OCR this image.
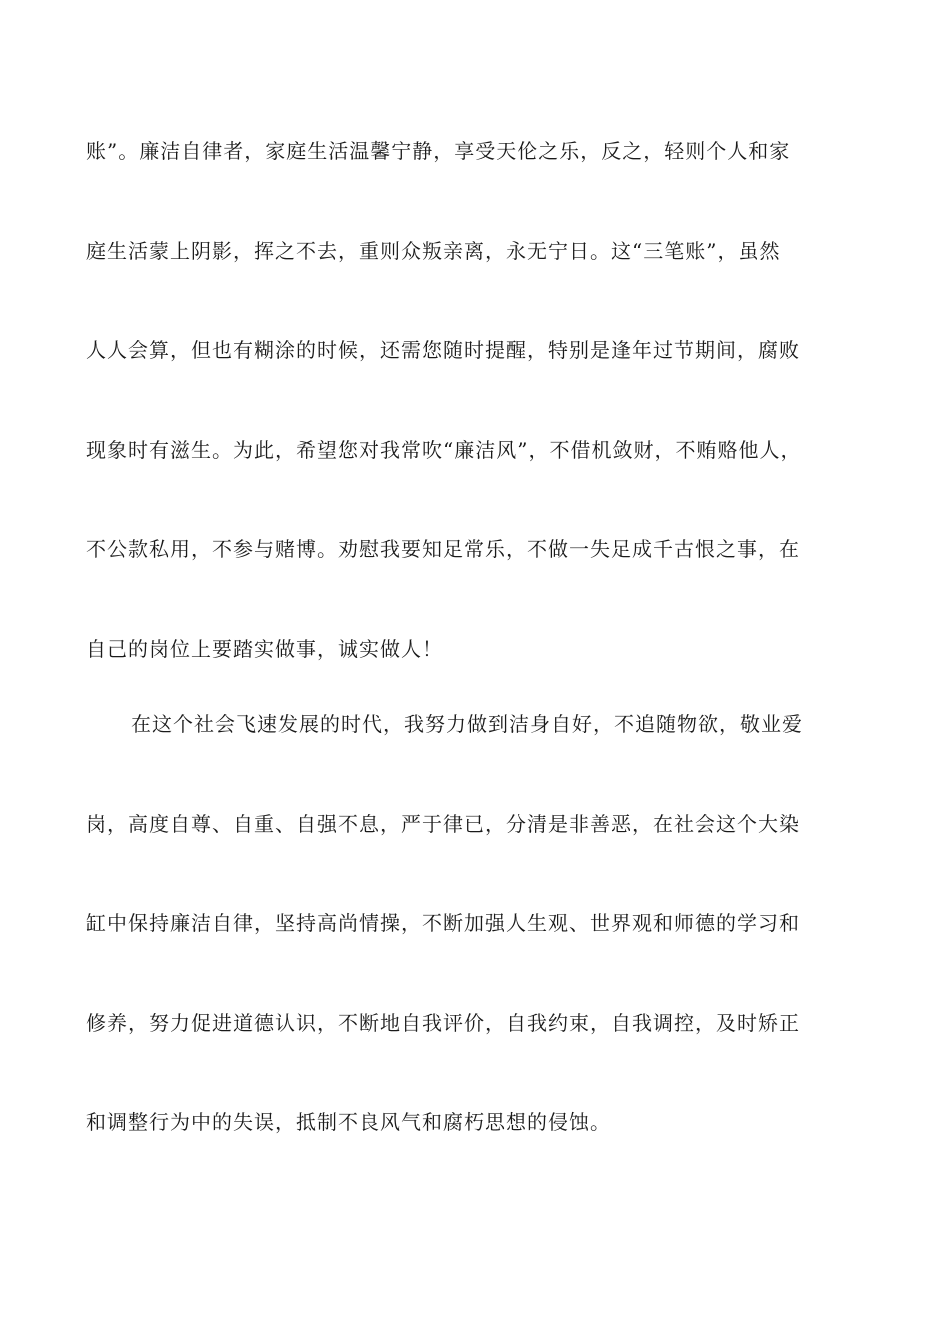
账”。廉洁自律者，家庭生活温馨宁静，享受天伦之乐，反之，轻则个人和家

庭生活蒙上阴影，挥之不去，重则众叛亲离，永无宁日。这“三笔账”，虽然

人人会算，但也有糊涂的时候，还需您随时提醒，特别是逢年过节期间，腐败

现象时有滋生。为此，希望您对我常吹“廉洁风”，不借机敛财，不贿赂他人，

不公款私用，不参与赌博。劝慰我要知足常乐，不做一失足成千古恨之事，在

自己的岗位上要踏实做事，诚实做人！

在这个社会飞速发展的时代，我努力做到洁身自好，不追随物欲，敬业爱

岗，高度自尊、自重、自强不息，严于律已，分清是非善恶，在社会这个大染

缸中保持廉洁自律，坚持高尚情操，不断加强人生观、世界观和师德的学习和

修养，努力促进道德认识，不断地自我评价，自我约束，自我调控，及时矫正

和调整行为中的失误，抵制不良风气和腐朽思想的侵蚀。
